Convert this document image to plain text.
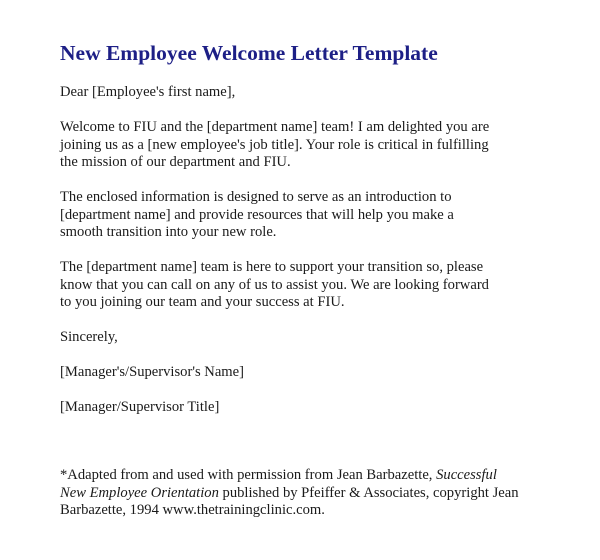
New Employee Welcome Letter Template

Dear [Employee's first name],

Welcome to FIU and the [department name] team! I am delighted you are
joining us as a [new employee's job title]. Your role is critical in fulfilling
the mission of our department and FIU.

The enclosed information is designed to serve as an introduction to
[department name] and provide resources that will help you make a
smooth transition into your new role.

The [department name] team is here to support your transition so, please
know that you can call on any of us to assist you. We are looking forward
to you joining our team and your success at FIU.

Sincerely,

[Manager's/Supervisor's Name]

[Manager/Supervisor Title]

*Adapted from and used with permission from Jean Barbazette, Successful
New Employee Orientation published by Pfeiffer & Associates, copyright Jean
Barbazette, 1994 www.thetrainingclinic.com.
